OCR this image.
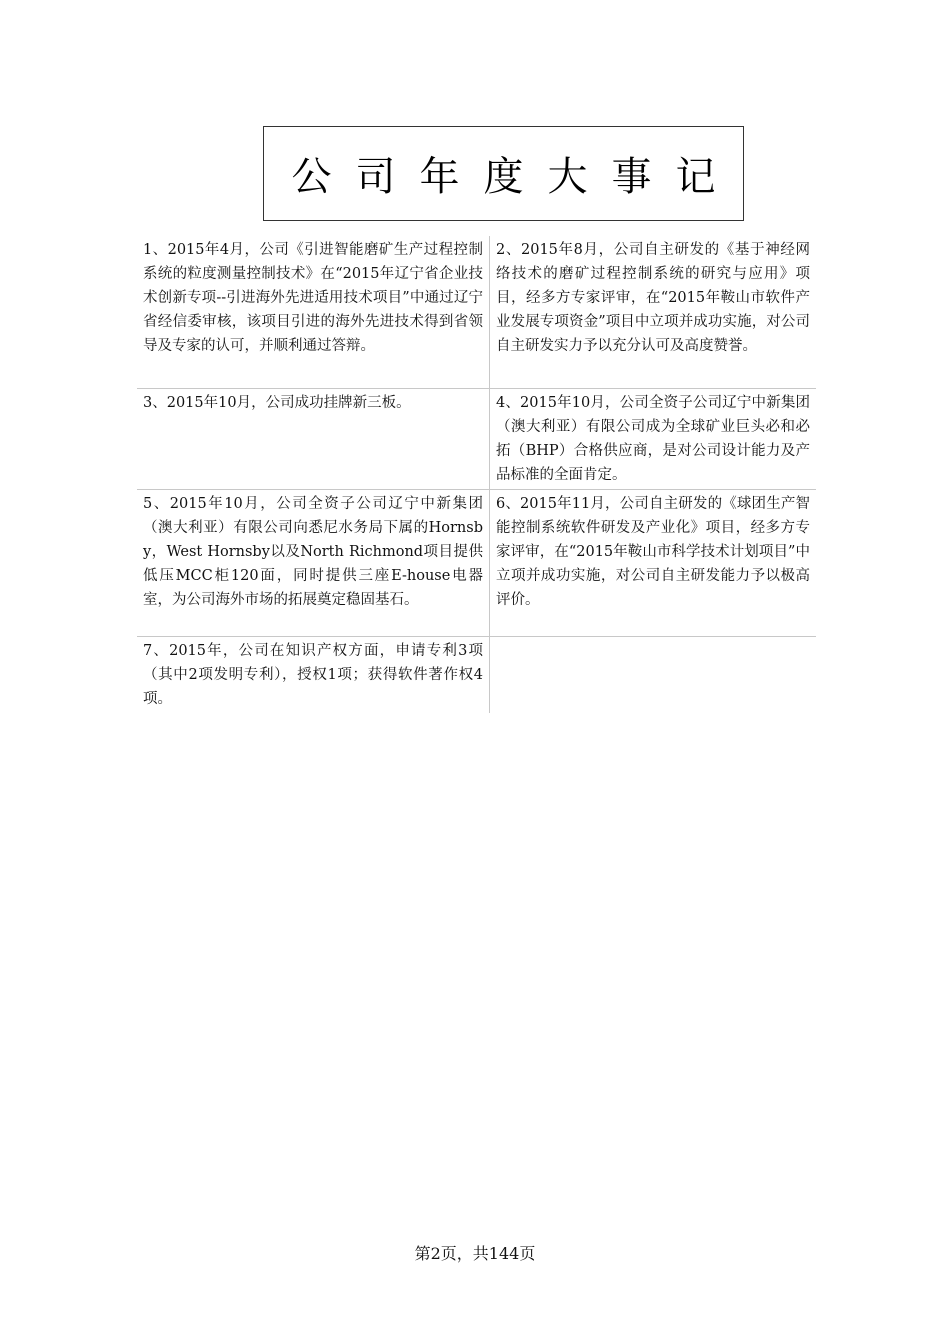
公司年度大事记
1、2015年4月，公司《引进智能磨矿生产过程控制系统的粒度测量控制技术》在“2015年辽宁省企业技术创新专项--引进海外先进适用技术项目”中通过辽宁省经信委审核，该项目引进的海外先进技术得到省领导及专家的认可，并顺利通过答辩。	2、2015年8月，公司自主研发的《基于神经网络技术的磨矿过程控制系统的研究与应用》项目，经多方专家评审，在“2015年鞍山市软件产业发展专项资金”项目中立项并成功实施，对公司自主研发实力予以充分认可及高度赞誉。
3、2015年10月，公司成功挂牌新三板。	4、2015年10月，公司全资子公司辽宁中新集团（澳大利亚）有限公司成为全球矿业巨头必和必拓（BHP）合格供应商，是对公司设计能力及产品标准的全面肯定。
5、2015年10月，公司全资子公司辽宁中新集团（澳大利亚）有限公司向悉尼水务局下属的Hornsby，West Hornsby以及North Richmond项目提供低压MCC柜120面，同时提供三座E-house电器室，为公司海外市场的拓展奠定稳固基石。	6、2015年11月，公司自主研发的《球团生产智能控制系统软件研发及产业化》项目，经多方专家评审，在“2015年鞍山市科学技术计划项目”中立项并成功实施，对公司自主研发能力予以极高评价。
7、2015年，公司在知识产权方面，申请专利3项（其中2项发明专利），授权1项；获得软件著作权4项。	
第2页，共144页
